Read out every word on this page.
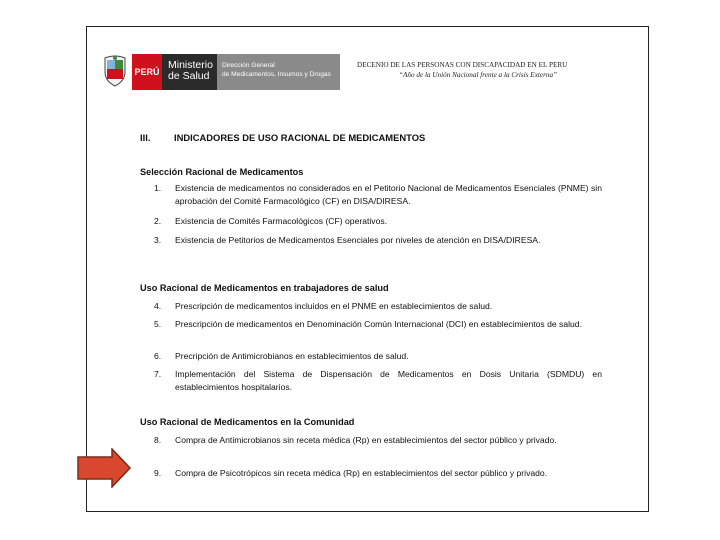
PERÚ
Ministerio
de Salud
Dirección General
de Medicamentos, Insumos y Drogas
DECENIO DE LAS PERSONAS CON DISCAPACIDAD EN EL PERU
“Año de la Unión Nacional frente a la Crisis Externa”
III.	INDICADORES DE USO RACIONAL DE MEDICAMENTOS
Selección Racional de Medicamentos
1.	Existencia de medicamentos no considerados en el Petitorio Nacional de Medicamentos Esenciales (PNME) sin aprobación del Comité Farmacológico (CF) en DISA/DIRESA.
2.	Existencia de Comités Farmacológicos (CF) operativos.
3.	Existencia de Petitorios de Medicamentos Esenciales por niveles de atención en DISA/DIRESA.
Uso Racional de Medicamentos en trabajadores de salud
4.	Prescripción de medicamentos incluidos en el PNME en establecimientos de salud.
5.	Prescripción de medicamentos en Denominación Común Internacional (DCI) en establecimientos de salud.
6.	Precripción de Antimicrobianos en establecimientos de salud.
7.	Implementación del Sistema de Dispensación de Medicamentos en Dosis Unitaria (SDMDU) en establecimientos hospitalarios.
Uso Racional de Medicamentos en la Comunidad
8.	Compra de Antimicrobianos sin receta médica (Rp) en establecimientos del sector público y privado.
9.	Compra de Psicotrópicos sin receta médica (Rp) en establecimientos del sector público y privado.
